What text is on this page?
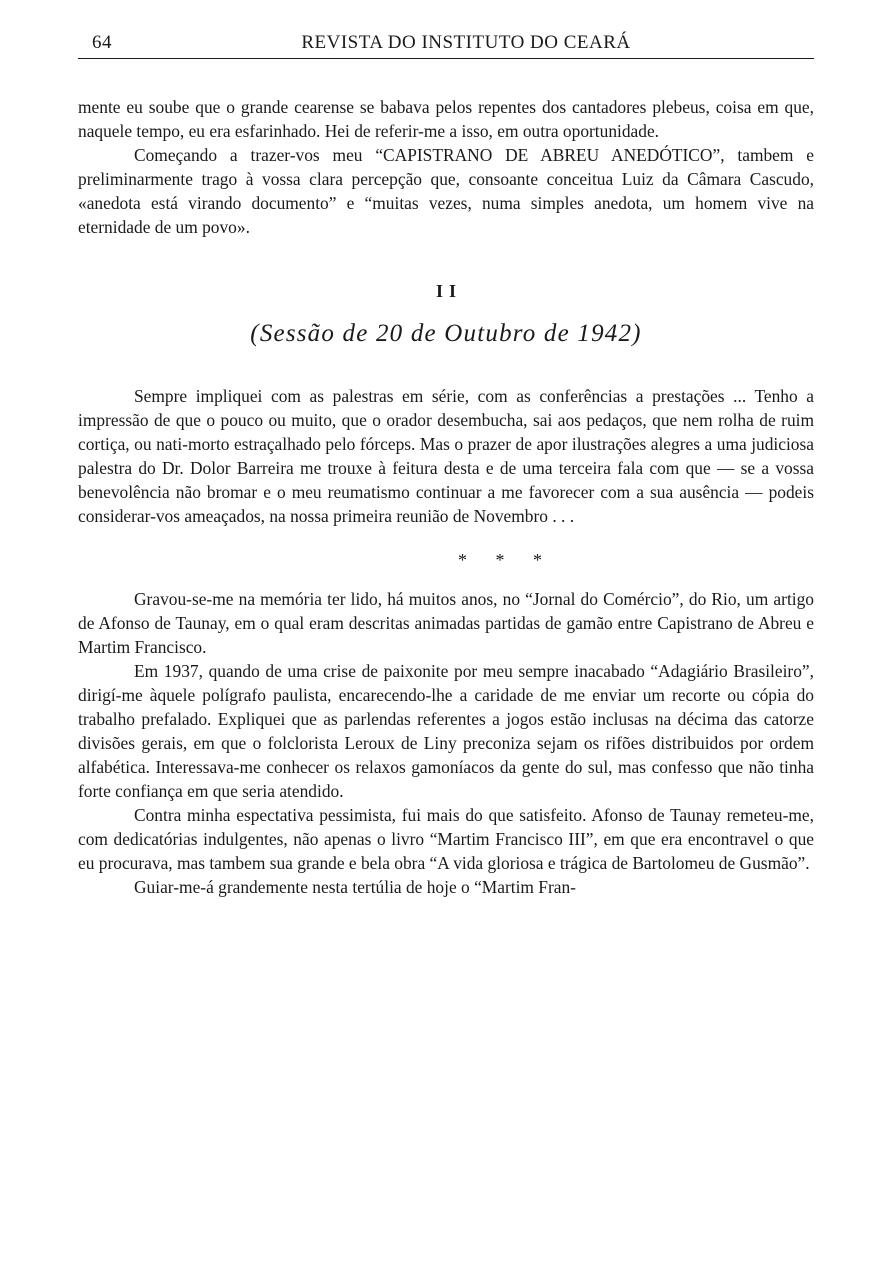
64	REVISTA DO INSTITUTO DO CEARÁ

mente eu soube que o grande cearense se babava pelos repentes dos cantadores plebeus, coisa em que, naquele tempo, eu era esfarinhado. Hei de referir-me a isso, em outra oportunidade.

Começando a trazer-vos meu “CAPISTRANO DE ABREU ANEDÓTICO”, tambem e preliminarmente trago à vossa clara percepção que, consoante conceitua Luiz da Câmara Cascudo, «anedota está virando documento” e “muitas vezes, numa simples anedota, um homem vive na eternidade de um povo».

II
(Sessão de 20 de Outubro de 1942)

Sempre impliquei com as palestras em série, com as conferências a prestações ... Tenho a impressão de que o pouco ou muito, que o orador desembucha, sai aos pedaços, que nem rolha de ruim cortiça, ou nati-morto estraçalhado pelo fórceps. Mas o prazer de apor ilustrações alegres a uma judiciosa palestra do Dr. Dolor Barreira me trouxe à feitura desta e de uma terceira fala com que — se a vossa benevolência não bromar e o meu reumatismo continuar a me favorecer com a sua ausência — podeis considerar-vos ameaçados, na nossa primeira reunião de Novembro . . .

* * *

Gravou-se-me na memória ter lido, há muitos anos, no “Jornal do Comércio”, do Rio, um artigo de Afonso de Taunay, em o qual eram descritas animadas partidas de gamão entre Capistrano de Abreu e Martim Francisco.

Em 1937, quando de uma crise de paixonite por meu sempre inacabado “Adagiário Brasileiro”, dirigí-me àquele polígrafo paulista, encarecendo-lhe a caridade de me enviar um recorte ou cópia do trabalho prefalado. Expliquei que as parlendas referentes a jogos estão inclusas na décima das catorze divisões gerais, em que o folclorista Leroux de Liny preconiza sejam os rifões distribuidos por ordem alfabética. Interessava-me conhecer os relaxos gamoníacos da gente do sul, mas confesso que não tinha forte confiança em que seria atendido.

Contra minha espectativa pessimista, fui mais do que satisfeito. Afonso de Taunay remeteu-me, com dedicatórias indulgentes, não apenas o livro “Martim Francisco III”, em que era encontravel o que eu procurava, mas tambem sua grande e bela obra “A vida gloriosa e trágica de Bartolomeu de Gusmão”.

Guiar-me-á grandemente nesta tertúlia de hoje o “Martim Fran-
